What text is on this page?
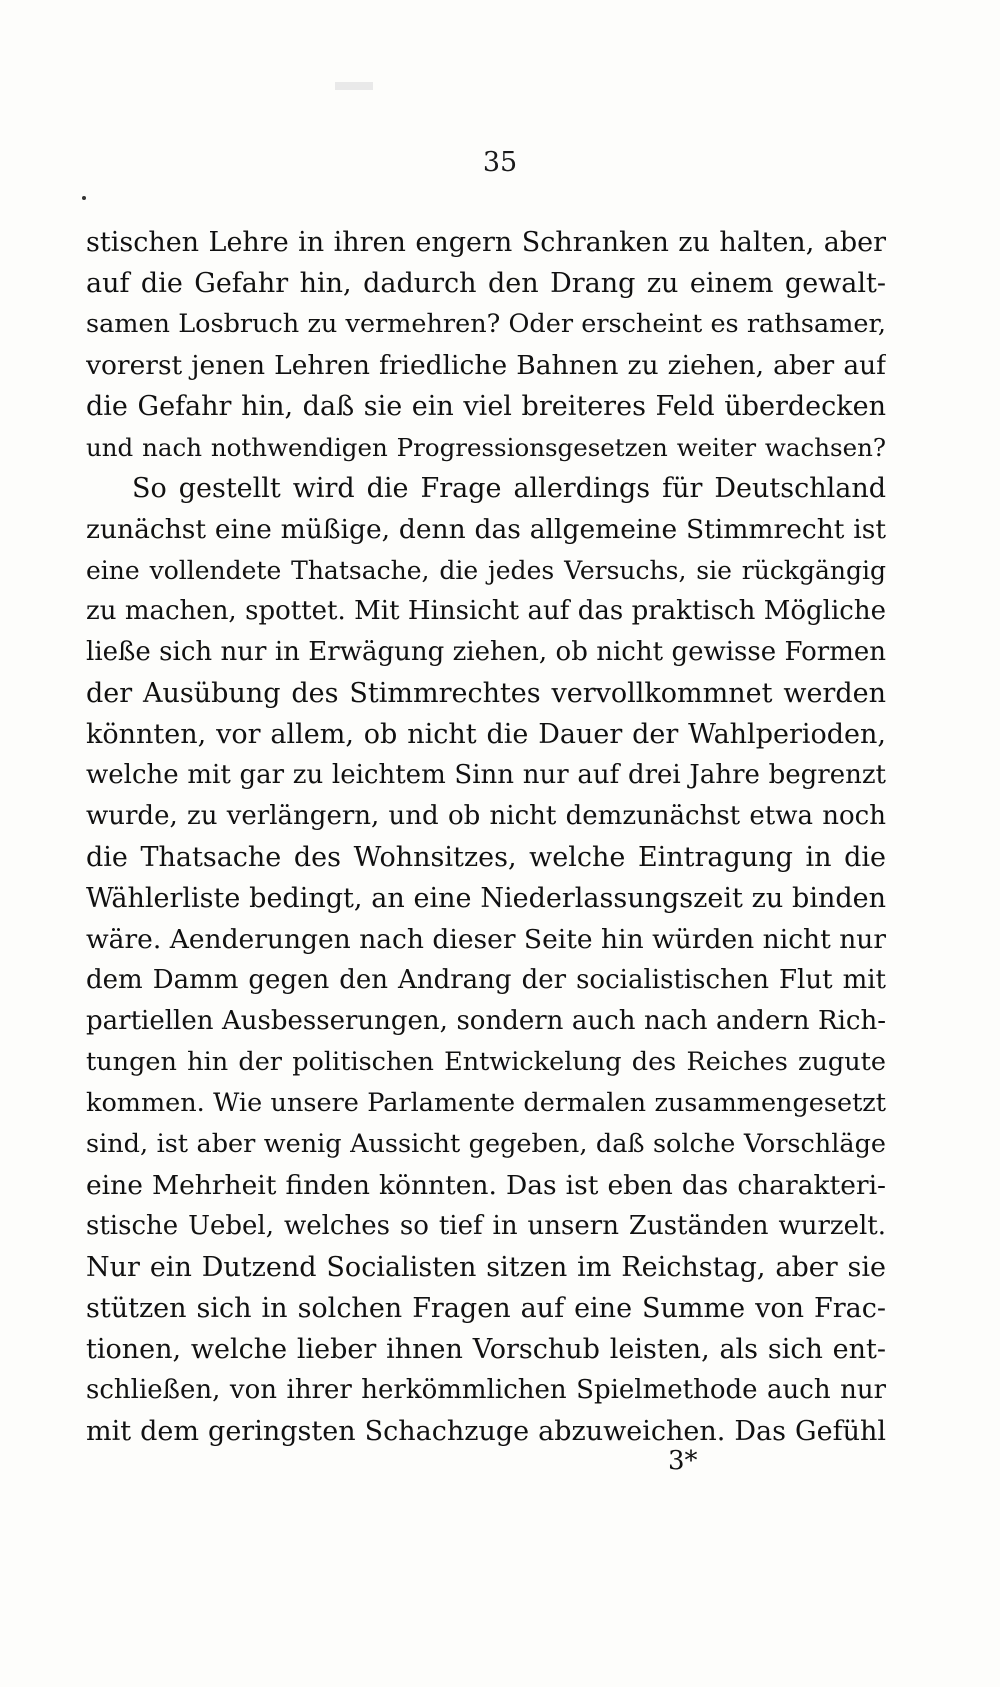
35
stischen Lehre in ihren engern Schranken zu halten, aber
auf die Gefahr hin, dadurch den Drang zu einem gewalt-
samen Losbruch zu vermehren? Oder erscheint es rathsamer,
vorerst jenen Lehren friedliche Bahnen zu ziehen, aber auf
die Gefahr hin, daß sie ein viel breiteres Feld überdecken
und nach nothwendigen Progressionsgesetzen weiter wachsen?
So gestellt wird die Frage allerdings für Deutschland
zunächst eine müßige, denn das allgemeine Stimmrecht ist
eine vollendete Thatsache, die jedes Versuchs, sie rückgängig
zu machen, spottet. Mit Hinsicht auf das praktisch Mögliche
ließe sich nur in Erwägung ziehen, ob nicht gewisse Formen
der Ausübung des Stimmrechtes vervollkommnet werden
könnten, vor allem, ob nicht die Dauer der Wahlperioden,
welche mit gar zu leichtem Sinn nur auf drei Jahre begrenzt
wurde, zu verlängern, und ob nicht demzunächst etwa noch
die Thatsache des Wohnsitzes, welche Eintragung in die
Wählerliste bedingt, an eine Niederlassungszeit zu binden
wäre. Aenderungen nach dieser Seite hin würden nicht nur
dem Damm gegen den Andrang der socialistischen Flut mit
partiellen Ausbesserungen, sondern auch nach andern Rich-
tungen hin der politischen Entwickelung des Reiches zugute
kommen. Wie unsere Parlamente dermalen zusammengesetzt
sind, ist aber wenig Aussicht gegeben, daß solche Vorschläge
eine Mehrheit finden könnten. Das ist eben das charakteri-
stische Uebel, welches so tief in unsern Zuständen wurzelt.
Nur ein Dutzend Socialisten sitzen im Reichstag, aber sie
stützen sich in solchen Fragen auf eine Summe von Frac-
tionen, welche lieber ihnen Vorschub leisten, als sich ent-
schließen, von ihrer herkömmlichen Spielmethode auch nur
mit dem geringsten Schachzuge abzuweichen. Das Gefühl
3*
